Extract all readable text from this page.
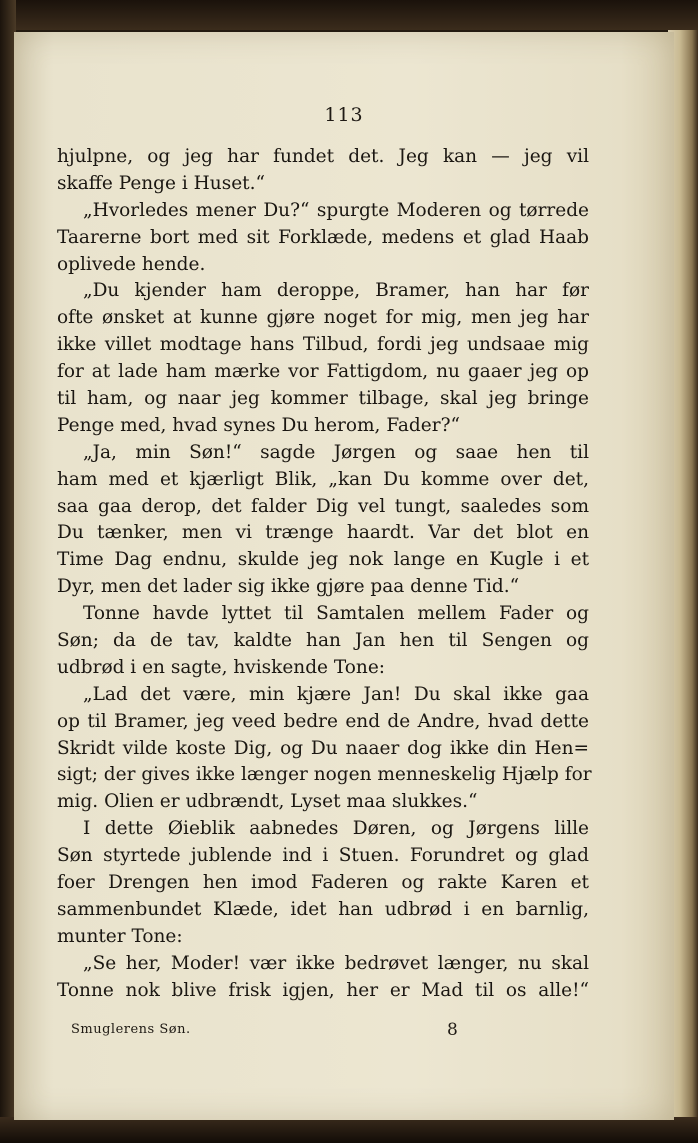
113
hjulpne, og jeg har fundet det. Jeg kan — jeg vil
skaffe Penge i Huset.“
„Hvorledes mener Du?“ spurgte Moderen og tørrede
Taarerne bort med sit Forklæde, medens et glad Haab
oplivede hende.
„Du kjender ham deroppe, Bramer, han har før
ofte ønsket at kunne gjøre noget for mig, men jeg har
ikke villet modtage hans Tilbud, fordi jeg undsaae mig
for at lade ham mærke vor Fattigdom, nu gaaer jeg op
til ham, og naar jeg kommer tilbage, skal jeg bringe
Penge med, hvad synes Du herom, Fader?“
„Ja, min Søn!“ sagde Jørgen og saae hen til
ham med et kjærligt Blik, „kan Du komme over det,
saa gaa derop, det falder Dig vel tungt, saaledes som
Du tænker, men vi trænge haardt. Var det blot en
Time Dag endnu, skulde jeg nok lange en Kugle i et
Dyr, men det lader sig ikke gjøre paa denne Tid.“
Tonne havde lyttet til Samtalen mellem Fader og
Søn; da de tav, kaldte han Jan hen til Sengen og
udbrød i en sagte, hviskende Tone:
„Lad det være, min kjære Jan! Du skal ikke gaa
op til Bramer, jeg veed bedre end de Andre, hvad dette
Skridt vilde koste Dig, og Du naaer dog ikke din Hen=
sigt; der gives ikke længer nogen menneskelig Hjælp for
mig. Olien er udbrændt, Lyset maa slukkes.“
I dette Øieblik aabnedes Døren, og Jørgens lille
Søn styrtede jublende ind i Stuen. Forundret og glad
foer Drengen hen imod Faderen og rakte Karen et
sammenbundet Klæde, idet han udbrød i en barnlig,
munter Tone:
„Se her, Moder! vær ikke bedrøvet længer, nu skal
Tonne nok blive frisk igjen, her er Mad til os alle!“
Smuglerens Søn.	8
